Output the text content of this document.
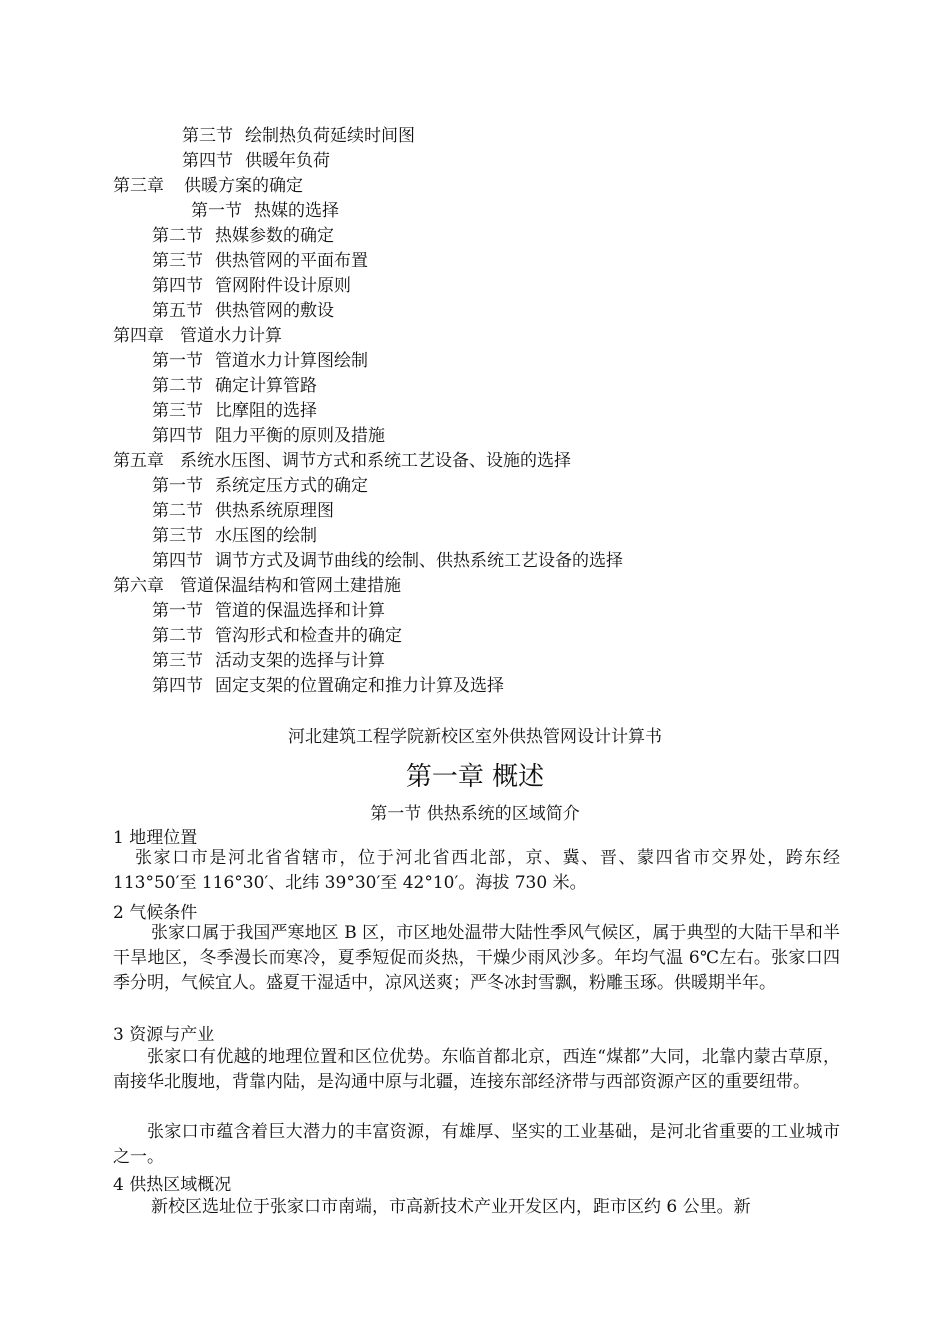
第三节 绘制热负荷延续时间图
第四节 供暖年负荷
第三章 供暖方案的确定
第一节 热媒的选择
第二节 热媒参数的确定
第三节 供热管网的平面布置
第四节 管网附件设计原则
第五节 供热管网的敷设
第四章 管道水力计算
第一节 管道水力计算图绘制
第二节 确定计算管路
第三节 比摩阻的选择
第四节 阻力平衡的原则及措施
第五章 系统水压图、调节方式和系统工艺设备、设施的选择
第一节 系统定压方式的确定
第二节 供热系统原理图
第三节 水压图的绘制
第四节 调节方式及调节曲线的绘制、供热系统工艺设备的选择
第六章 管道保温结构和管网土建措施
第一节 管道的保温选择和计算
第二节 管沟形式和检查井的确定
第三节 活动支架的选择与计算
第四节 固定支架的位置确定和推力计算及选择
河北建筑工程学院新校区室外供热管网设计计算书
第一章 概述
第一节 供热系统的区域简介
1 地理位置
张家口市是河北省省辖市，位于河北省西北部，京、冀、晋、蒙四省市交界处，跨东经 113°50′至 116°30′、北纬 39°30′至 42°10′。海拔 730 米。
2 气候条件
张家口属于我国严寒地区 B 区，市区地处温带大陆性季风气候区，属于典型的大陆干旱和半干旱地区，冬季漫长而寒冷，夏季短促而炎热，干燥少雨风沙多。年均气温 6℃左右。张家口四季分明，气候宜人。盛夏干湿适中，凉风送爽；严冬冰封雪飘，粉雕玉琢。供暖期半年。
3 资源与产业
张家口有优越的地理位置和区位优势。东临首都北京，西连“煤都”大同，北靠内蒙古草原，南接华北腹地，背靠内陆，是沟通中原与北疆，连接东部经济带与西部资源产区的重要纽带。
张家口市蕴含着巨大潜力的丰富资源，有雄厚、坚实的工业基础，是河北省重要的工业城市之一。
4 供热区域概况
新校区选址位于张家口市南端，市高新技术产业开发区内，距市区约 6 公里。新
